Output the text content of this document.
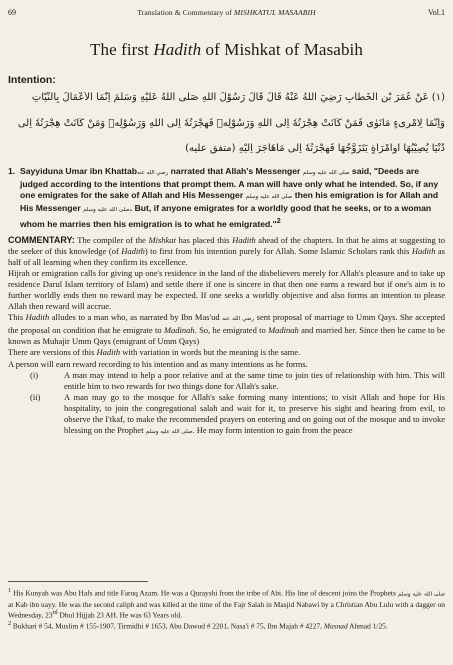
69	Translation & Commentary of MISHKATUL MASAABIH	Vol.1
The first Hadith of Mishkat of Masabih
Intention:
(١) عَنْ عُمَرَ بْنِ الْخَطَّابِ رَضِيَ اللّٰهُ عَنْهُ قَالَ قَالَ رَسُوْلُ اللّٰهِ صَلَّى اللّٰهُ عَلَيْهِ وَسَلَّمَ اِنَّمَا الْاَعْمَالُ بِالنِّيَّاتِ
وَاِنَّمَا لِامْرِىءٍ مَانَوٰى فَمَنْ كَانَتْ هِجْرَتُهٗ اِلَى اللّٰهِ وَرَسُوْلِهٖ فَهِجْرَتُهٗ اِلَى اللّٰهِ وَرَسُوْلِهٖ وَمَنْ كَانَتْ هِجْرَتُهٗ اِلٰى
دُنْيَا يُصِيْبُهَا اَوِامْرَاَةٍ يَتَزَوَّجُهَا فَهِجْرَتُهٗ اِلٰى مَاهَاجَرَ اِلَيْهِ (متفق عليه)
1. Sayyiduna Umar ibn Khattabرضي الله عنه narrated that Allah's Messenger صلى الله عليه وسلم said, "Deeds are judged according to the intentions that prompt them. A man will have only what he intended. So, if any one emigrates for the sake of Allah and His Messenger صلى الله عليه وسلم then his emigration is for Allah and His Messenger صلى الله عليه وسلم. But, if anyone emigrates for a worldly good that he seeks, or to a woman whom he marries then his emigration is to what he emigrated."$^2$

COMMENTARY: The compiler of the Mishkat has placed this Hadith ahead of the chapters. In that he aims at suggesting to the seeker of this knowledge (of Hadith) to first from his intention purely for Allah. Some Islamic Scholars rank this Hadith as half of all learning when they confirm its excellence.

Hijrah or emigration calls for giving up one's residence in the land of the disbelievers merely for Allah's pleasure and to take up residence Darul Islam territory of Islam) and settle there if one is sincere in that then one earns a reward but if one's aim is to further worldly ends then no reward may be expected. If one seeks a worldly objective and also forms an intention to please Allah then reward will accrue.

This Hadith alludes to a man who, as narrated by Ibn Mas'ud رضي الله عنه sent proposal of marriage to Umm Qays. She accepted the proposal on condition that he emigrate to Madinah. So, he emigrated to Madinah and married her. Since then he came to be known as Muhajir Umm Qays (emigrant of Umm Qays)

There are versions of this Hadith with variation in words but the meaning is the same.

A person will earn reward recording to his intention and as many intentions as he forms.

(i)	A man may intend to help a poor relative and at the same time to join ties of relationship with him. This will entitle him to two rewards for two things done for Allah's sake.
(ii)	A man may go to the mosque for Allah's sake forming many intentions; to visit Allah and hope for His hospitality, to join the congregational salah and wait for it, to preserve his sight and hearing from evil, to observe the I'tkaf, to make the recommended prayers on entering and on going out of the mosque and to invoke blessing on the Prophet صلى الله عليه وسلم. He may form intention to gain from the peace

$^1$ His Kunyah was Abu Hafs and title Faruq Azam. He was a Qurayshi from the tribe of Abi. His line of descent joins the Prophets صلى الله عليه وسلم at Kab ibn uayy. He was the second caliph and was killed at the time of the Fajr Salah in Masjid Nabawi by a Christian Abu Lulu with a dagger on Wednesday, 23rd Dhul Hijjah 23 AH. He was 63 Years old.

$^2$ Bukhari # 54, Muslim # 155-1907, Tirmidhi # 1653, Abu Dawud # 2201, Nasa'i # 75, Ibn Majah # 4227, Musnad Ahmad 1/25.
